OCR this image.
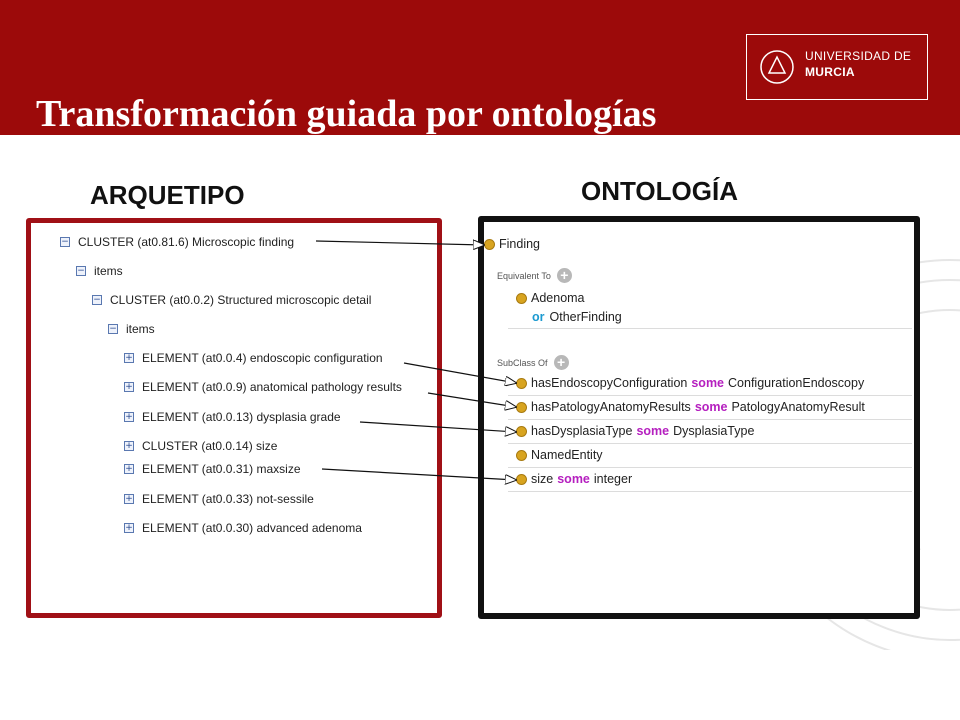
Transformación guiada por ontologías
UNIVERSIDAD DE
MURCIA
ARQUETIPO	ONTOLOGÍA
− CLUSTER (at0.81.6) Microscopic finding
− items
− CLUSTER (at0.0.2) Structured microscopic detail
− items
+ ELEMENT (at0.0.4) endoscopic configuration
+ ELEMENT (at0.0.9) anatomical pathology results
+ ELEMENT (at0.0.13) dysplasia grade
+ CLUSTER (at0.0.14) size
+ ELEMENT (at0.0.31) maxsize
+ ELEMENT (at0.0.33) not-sessile
+ ELEMENT (at0.0.30) advanced adenoma
Finding
Equivalent To +
Adenoma
or OtherFinding
SubClass Of +
hasEndoscopyConfiguration some ConfigurationEndoscopy
hasPatologyAnatomyResults some PatologyAnatomyResult
hasDysplasiaType some DysplasiaType
NamedEntity
size some integer
